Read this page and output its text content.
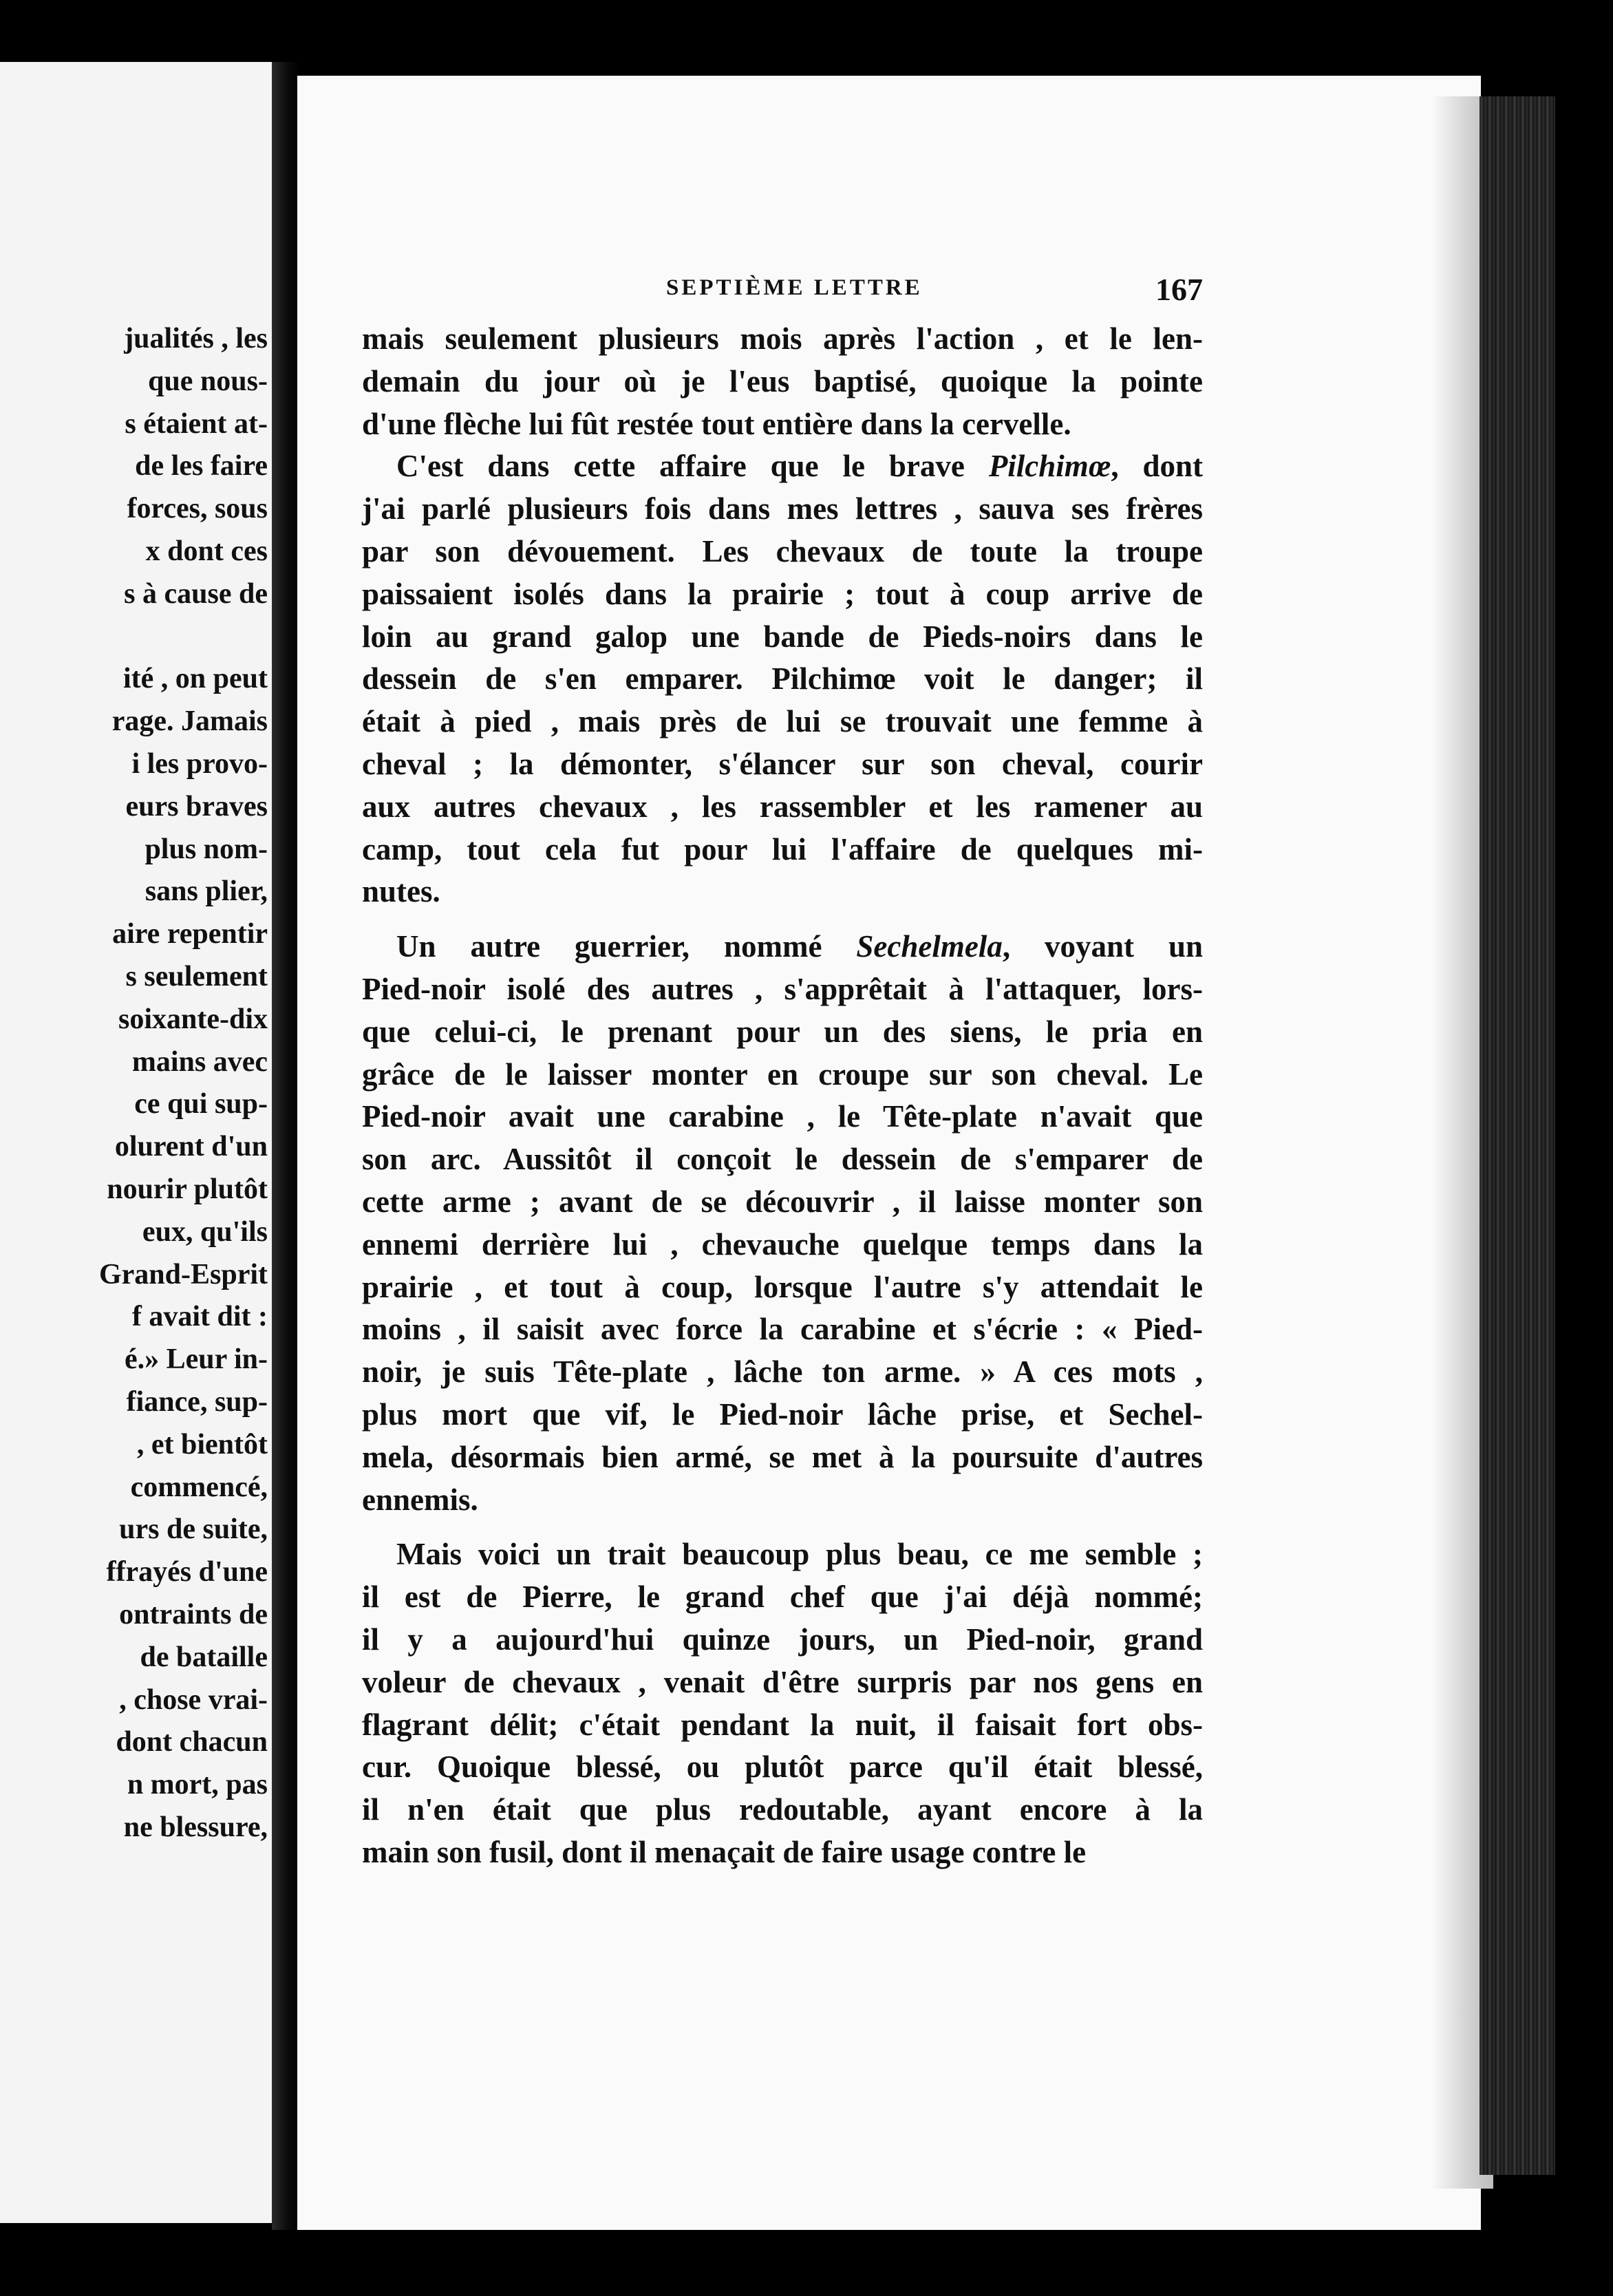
jualités , les
que nous-
s étaient at-
de les faire
forces, sous
x dont ces
s à cause de

ité , on peut
rage. Jamais
i les provo-
eurs braves
plus nom-
sans plier,
aire repentir
s seulement
soixante-dix
mains avec
ce qui sup-
olurent d'un
nourir plutôt
eux, qu'ils
Grand-Esprit
f avait dit :
é.» Leur in-
fiance, sup-
, et bientôt
commencé,
urs de suite,
ffrayés d'une
ontraints de
de bataille
, chose vrai-
dont chacun
n mort, pas
ne blessure,
SEPTIÈME LETTRE	167
mais seulement plusieurs mois après l'action , et le len-
demain du jour où je l'eus baptisé, quoique la pointe
d'une flèche lui fût restée tout entière dans la cervelle.
C'est dans cette affaire que le brave Pilchimœ, dont
j'ai parlé plusieurs fois dans mes lettres , sauva ses frères
par son dévouement. Les chevaux de toute la troupe
paissaient isolés dans la prairie ; tout à coup arrive de
loin au grand galop une bande de Pieds-noirs dans le
dessein de s'en emparer. Pilchimœ voit le danger; il
était à pied , mais près de lui se trouvait une femme à
cheval ; la démonter, s'élancer sur son cheval, courir
aux autres chevaux , les rassembler et les ramener au
camp, tout cela fut pour lui l'affaire de quelques mi-
nutes.
Un autre guerrier, nommé Sechelmela, voyant un
Pied-noir isolé des autres , s'apprêtait à l'attaquer, lors-
que celui-ci, le prenant pour un des siens, le pria en
grâce de le laisser monter en croupe sur son cheval. Le
Pied-noir avait une carabine , le Tête-plate n'avait que
son arc. Aussitôt il conçoit le dessein de s'emparer de
cette arme ; avant de se découvrir , il laisse monter son
ennemi derrière lui , chevauche quelque temps dans la
prairie , et tout à coup, lorsque l'autre s'y attendait le
moins , il saisit avec force la carabine et s'écrie : « Pied-
noir, je suis Tête-plate , lâche ton arme. » A ces mots ,
plus mort que vif, le Pied-noir lâche prise, et Sechel-
mela, désormais bien armé, se met à la poursuite d'autres
ennemis.
Mais voici un trait beaucoup plus beau, ce me semble ;
il est de Pierre, le grand chef que j'ai déjà nommé;
il y a aujourd'hui quinze jours, un Pied-noir, grand
voleur de chevaux , venait d'être surpris par nos gens en
flagrant délit; c'était pendant la nuit, il faisait fort obs-
cur. Quoique blessé, ou plutôt parce qu'il était blessé,
il n'en était que plus redoutable, ayant encore à la
main son fusil, dont il menaçait de faire usage contre le
